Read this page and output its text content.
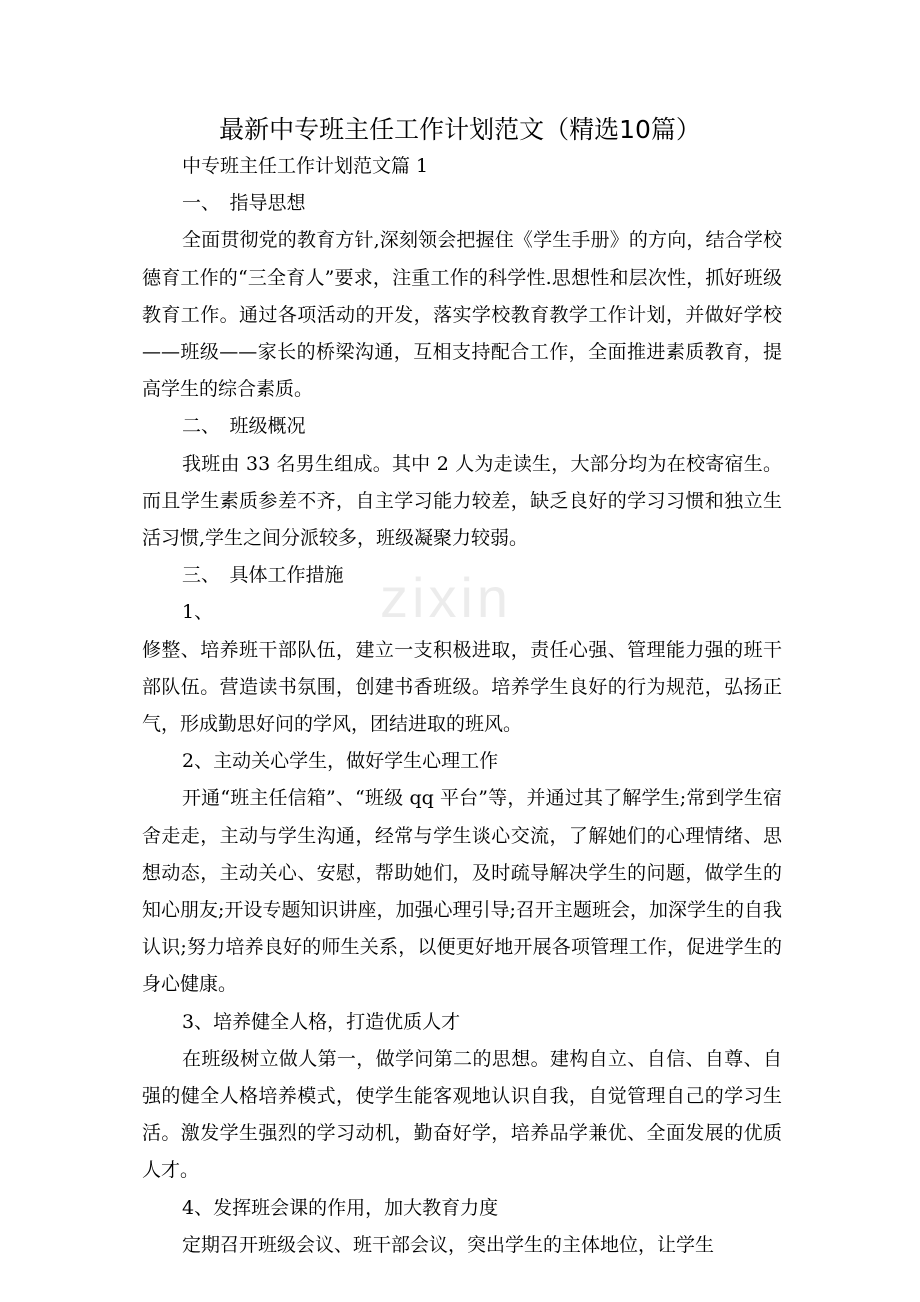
zixin
最新中专班主任工作计划范文（精选10篇）

中专班主任工作计划范文篇 1

一、　指导思想

全面贯彻党的教育方针,深刻领会把握住《学生手册》的方向，结合学校德育工作的“三全育人”要求，注重工作的科学性.思想性和层次性，抓好班级教育工作。通过各项活动的开发，落实学校教育教学工作计划，并做好学校——班级——家长的桥梁沟通，互相支持配合工作，全面推进素质教育，提高学生的综合素质。

二、　班级概况

我班由 33 名男生组成。其中 2 人为走读生，大部分均为在校寄宿生。而且学生素质参差不齐，自主学习能力较差，缺乏良好的学习习惯和独立生活习惯,学生之间分派较多，班级凝聚力较弱。

三、　具体工作措施

1、

修整、培养班干部队伍，建立一支积极进取，责任心强、管理能力强的班干部队伍。营造读书氛围，创建书香班级。培养学生良好的行为规范，弘扬正气，形成勤思好问的学风，团结进取的班风。

2、主动关心学生，做好学生心理工作

开通“班主任信箱”、“班级 qq 平台”等，并通过其了解学生;常到学生宿舍走走，主动与学生沟通，经常与学生谈心交流，了解她们的心理情绪、思想动态，主动关心、安慰，帮助她们，及时疏导解决学生的问题，做学生的知心朋友;开设专题知识讲座，加强心理引导;召开主题班会，加深学生的自我认识;努力培养良好的师生关系，以便更好地开展各项管理工作，促进学生的身心健康。

3、培养健全人格，打造优质人才

在班级树立做人第一，做学问第二的思想。建构自立、自信、自尊、自强的健全人格培养模式，使学生能客观地认识自我，自觉管理自己的学习生活。激发学生强烈的学习动机，勤奋好学，培养品学兼优、全面发展的优质人才。

4、发挥班会课的作用，加大教育力度

定期召开班级会议、班干部会议，突出学生的主体地位，让学生
